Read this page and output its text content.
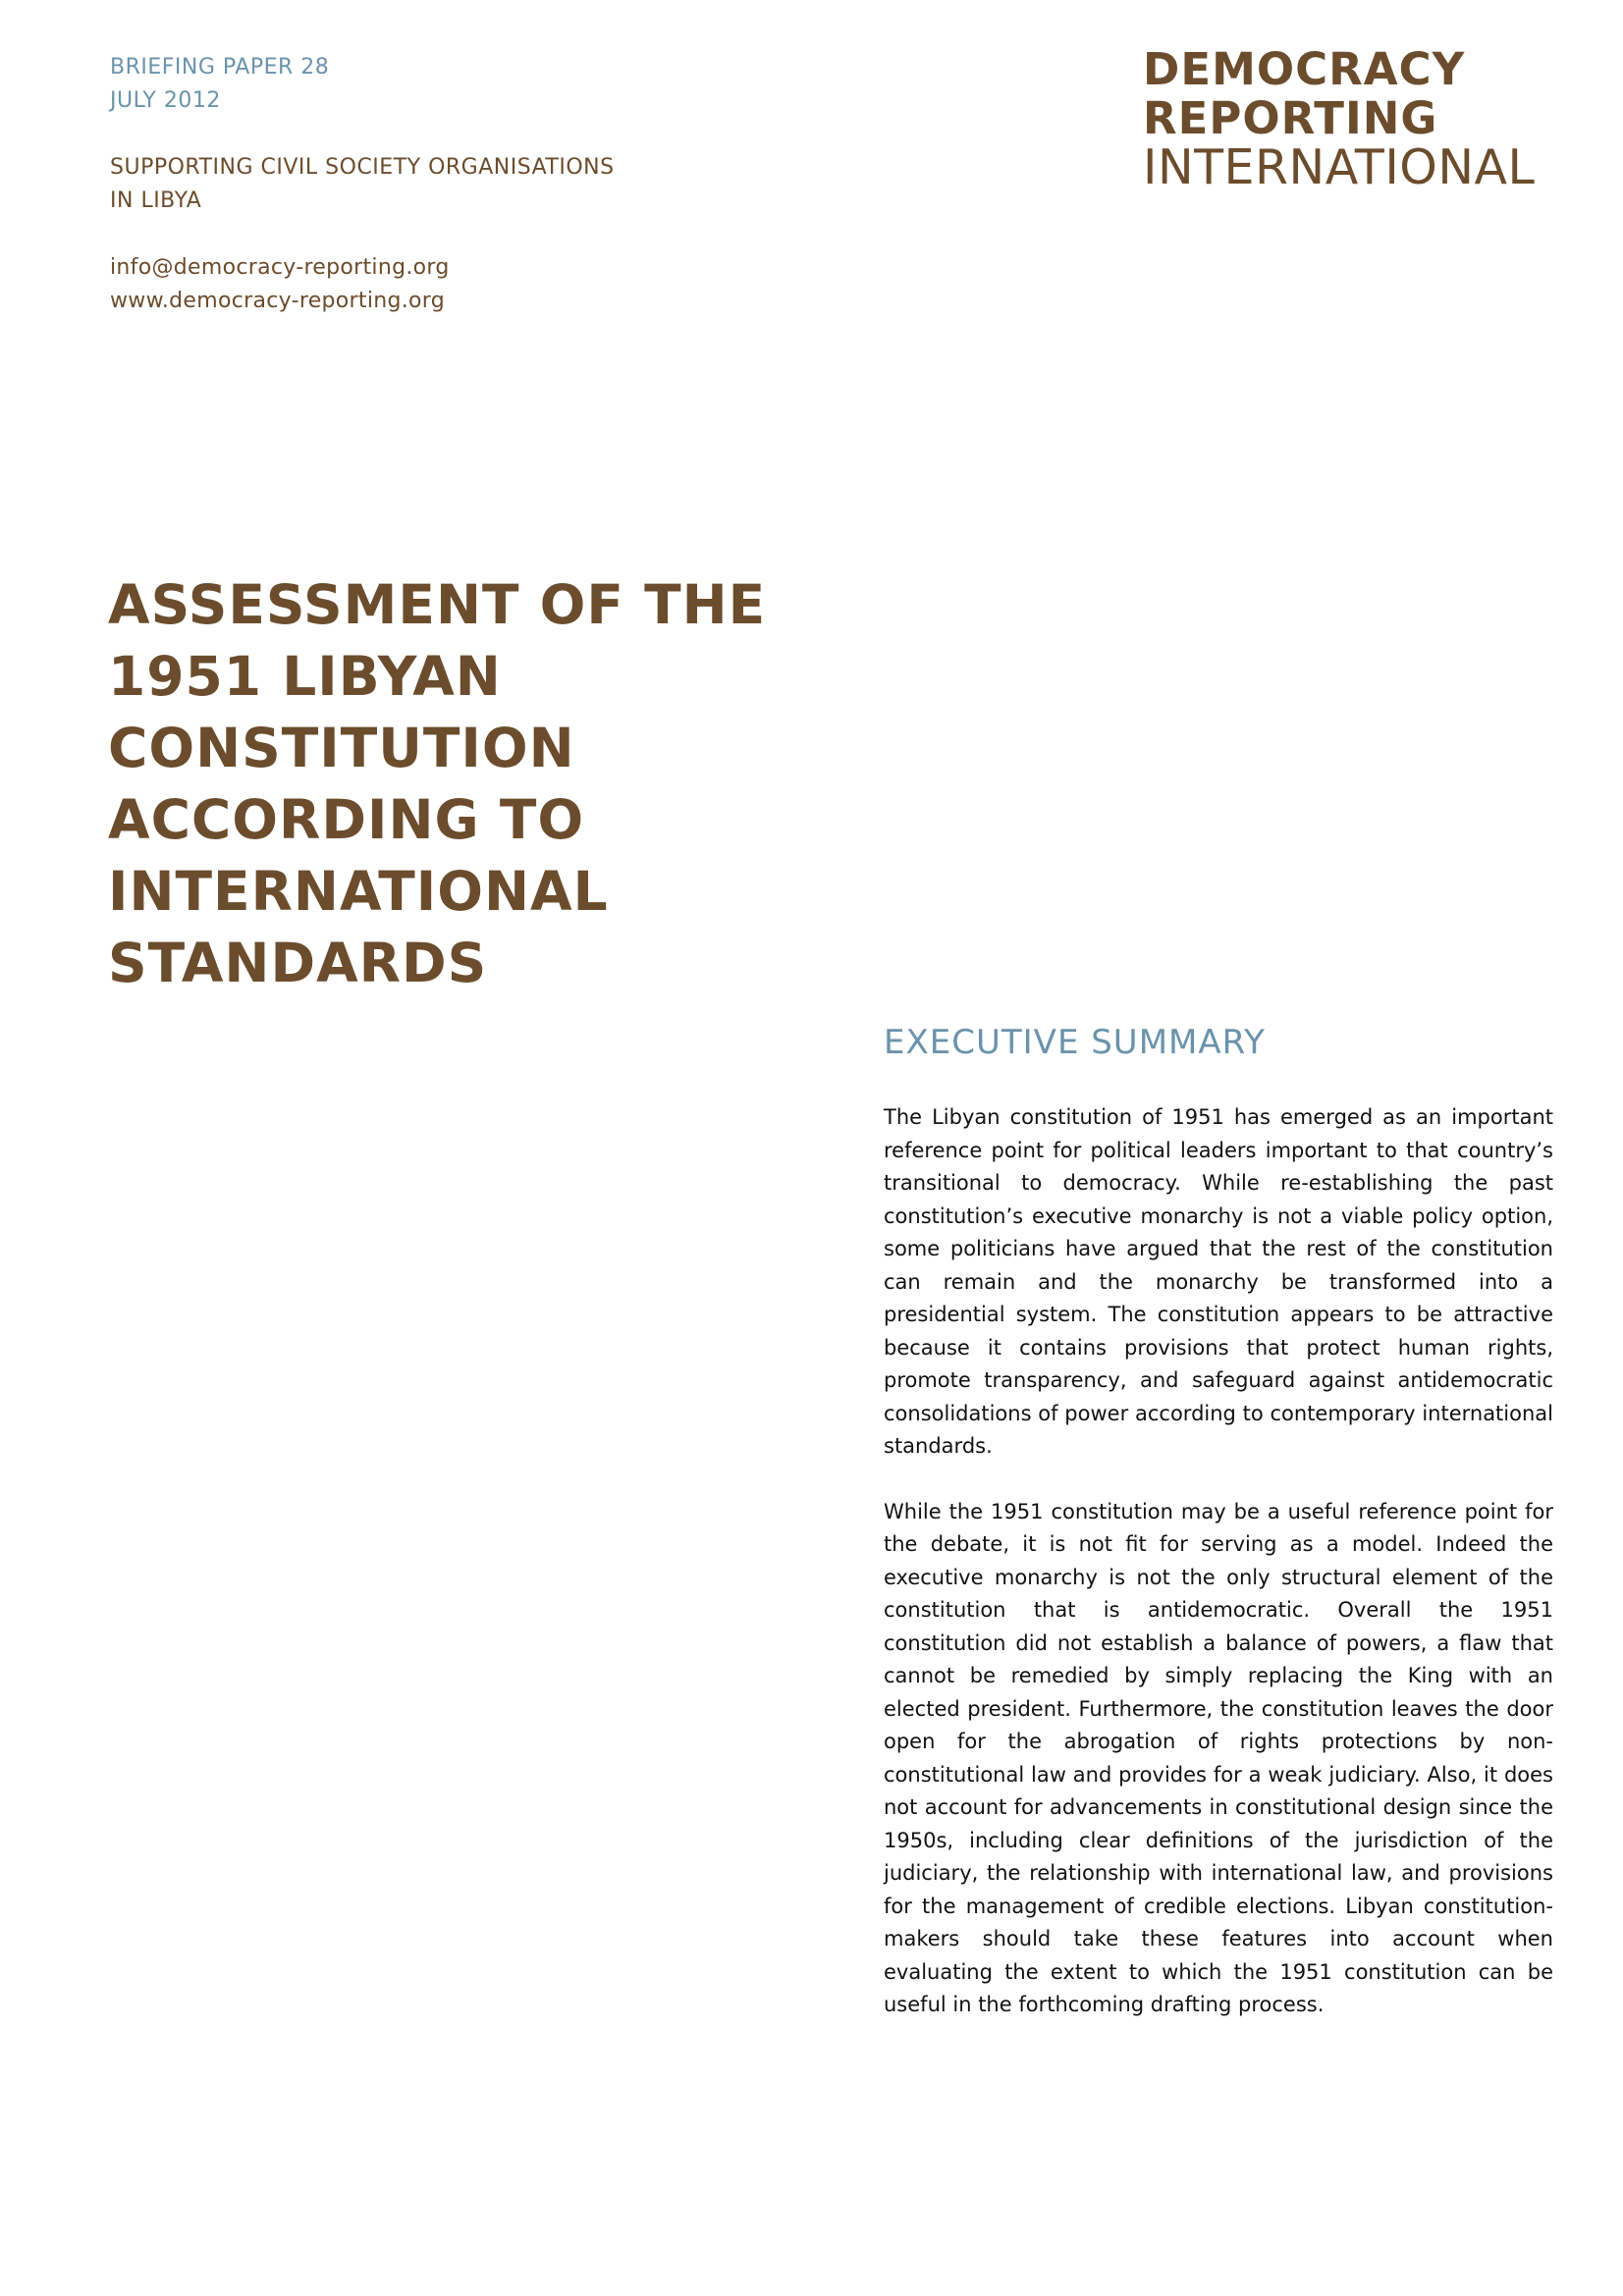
BRIEFING PAPER 28
JULY 2012
SUPPORTING CIVIL SOCIETY ORGANISATIONS
IN LIBYA
info@democracy-reporting.org
www.democracy-reporting.org
DEMOCRACY
REPORTING
INTERNATIONAL
ASSESSMENT OF THE
1951 LIBYAN
CONSTITUTION
ACCORDING TO
INTERNATIONAL
STANDARDS
EXECUTIVE SUMMARY

The Libyan constitution of 1951 has emerged as an important reference point for political leaders important to that country’s transitional to democracy. While re-establishing the past constitution’s executive monarchy is not a viable policy option, some politicians have argued that the rest of the constitution can remain and the monarchy be transformed into a presidential system. The constitution appears to be attractive because it contains provisions that protect human rights, promote transparency, and safeguard against antidemocratic consolidations of power according to contemporary international standards.

While the 1951 constitution may be a useful reference point for the debate, it is not fit for serving as a model. Indeed the executive monarchy is not the only structural element of the constitution that is antidemocratic. Overall the 1951 constitution did not establish a balance of powers, a flaw that cannot be remedied by simply replacing the King with an elected president. Furthermore, the constitution leaves the door open for the abrogation of rights protections by non-constitutional law and provides for a weak judiciary. Also, it does not account for advancements in constitutional design since the 1950s, including clear definitions of the jurisdiction of the judiciary, the relationship with international law, and provisions for the management of credible elections. Libyan constitution-makers should take these features into account when evaluating the extent to which the 1951 constitution can be useful in the forthcoming drafting process.
